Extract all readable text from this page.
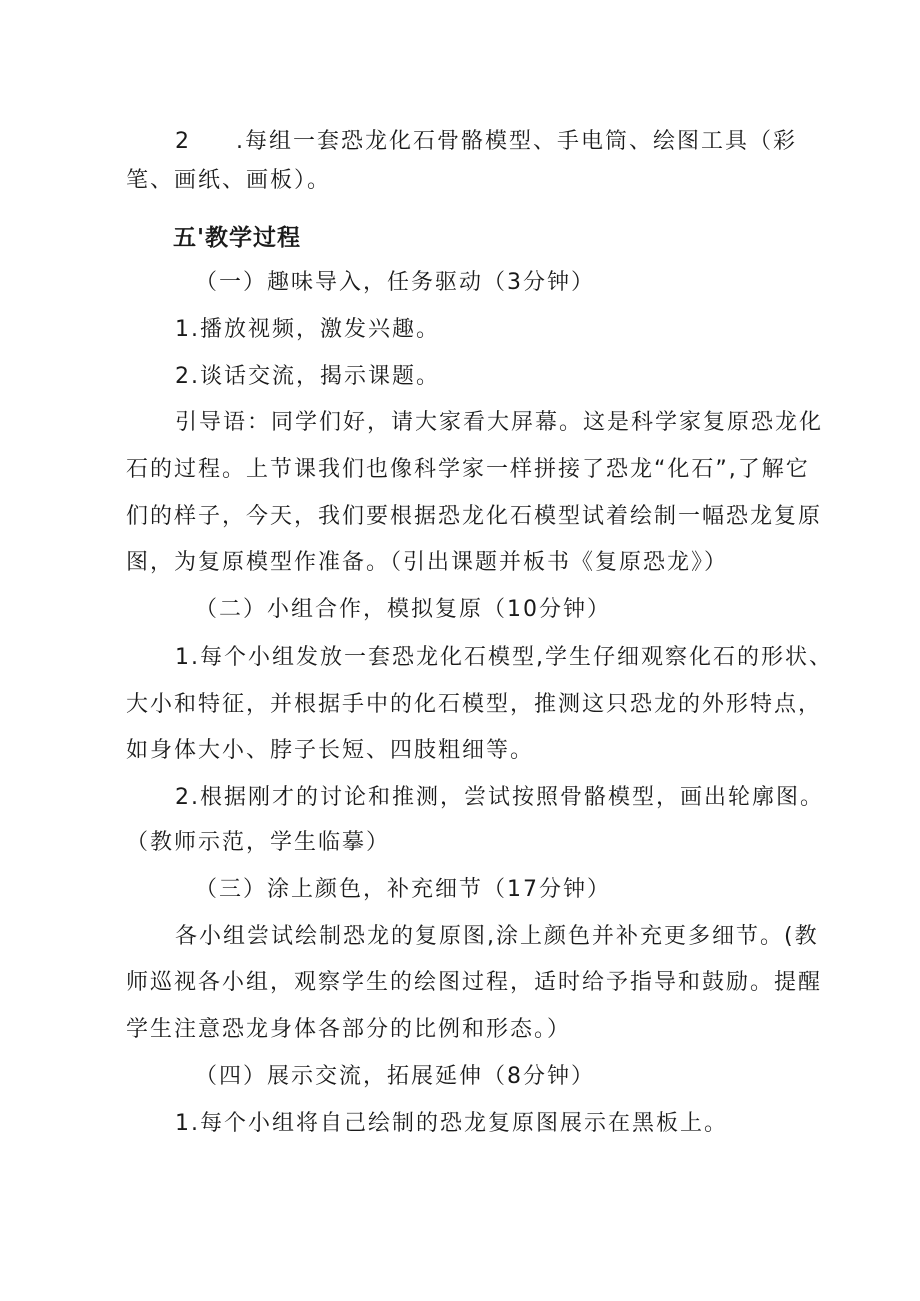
2     .每组一套恐龙化石骨骼模型、手电筒、绘图工具（彩
笔、画纸、画板）。
五'教学过程
（一）趣味导入，任务驱动（3分钟）
1.播放视频，激发兴趣。
2.谈话交流，揭示课题。
引导语：同学们好，请大家看大屏幕。这是科学家复原恐龙化
石的过程。上节课我们也像科学家一样拼接了恐龙“化石”,了解它
们的样子，今天，我们要根据恐龙化石模型试着绘制一幅恐龙复原
图，为复原模型作准备。（引出课题并板书《复原恐龙》）
（二）小组合作，模拟复原（10分钟）
1.每个小组发放一套恐龙化石模型,学生仔细观察化石的形状、
大小和特征，并根据手中的化石模型，推测这只恐龙的外形特点，
如身体大小、脖子长短、四肢粗细等。
2.根据刚才的讨论和推测，尝试按照骨骼模型，画出轮廓图。
（教师示范，学生临摹）
（三）涂上颜色，补充细节（17分钟）
各小组尝试绘制恐龙的复原图,涂上颜色并补充更多细节。(教
师巡视各小组，观察学生的绘图过程，适时给予指导和鼓励。提醒
学生注意恐龙身体各部分的比例和形态。）
（四）展示交流，拓展延伸（8分钟）
1.每个小组将自己绘制的恐龙复原图展示在黑板上。
